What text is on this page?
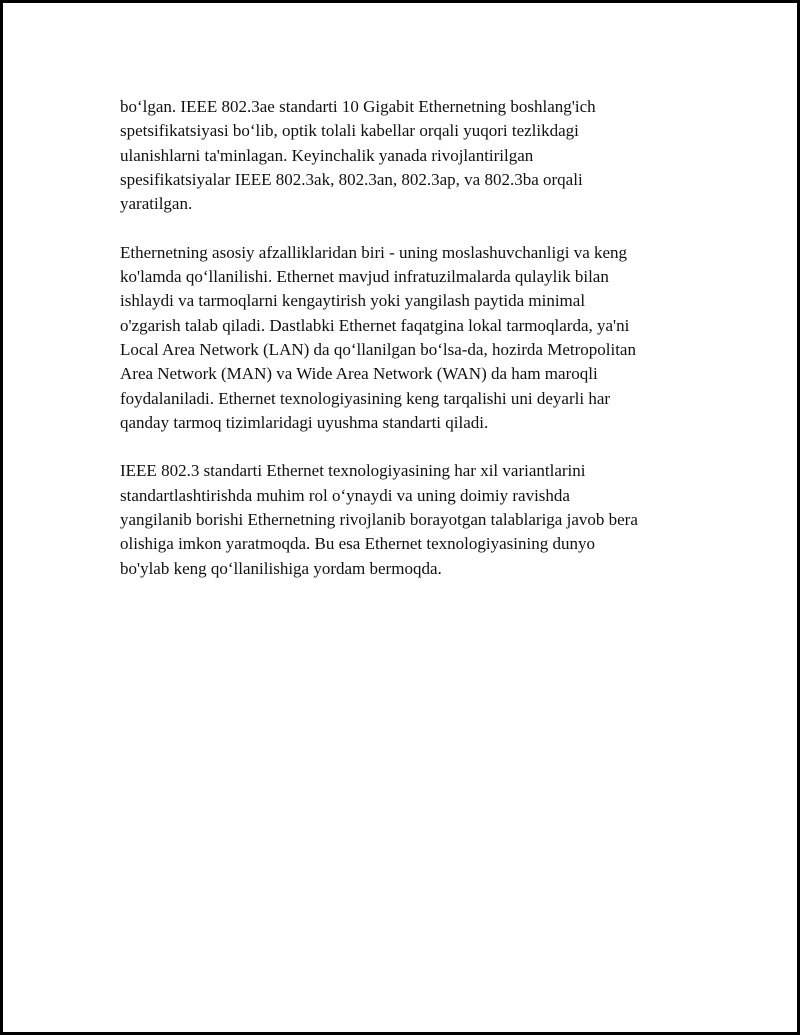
bo‘lgan. IEEE 802.3ae standarti 10 Gigabit Ethernetning boshlang'ich
spetsifikatsiyasi bo‘lib, optik tolali kabellar orqali yuqori tezlikdagi
ulanishlarni ta'minlagan. Keyinchalik yanada rivojlantirilgan
spesifikatsiyalar IEEE 802.3ak, 802.3an, 802.3ap, va 802.3ba orqali
yaratilgan.

Ethernetning asosiy afzalliklaridan biri - uning moslashuvchanligi va keng
ko'lamda qo‘llanilishi. Ethernet mavjud infratuzilmalarda qulaylik bilan
ishlaydi va tarmoqlarni kengaytirish yoki yangilash paytida minimal
o'zgarish talab qiladi. Dastlabki Ethernet faqatgina lokal tarmoqlarda, ya'ni
Local Area Network (LAN) da qo‘llanilgan bo‘lsa-da, hozirda Metropolitan
Area Network (MAN) va Wide Area Network (WAN) da ham maroqli
foydalaniladi. Ethernet texnologiyasining keng tarqalishi uni deyarli har
qanday tarmoq tizimlaridagi uyushma standarti qiladi.

IEEE 802.3 standarti Ethernet texnologiyasining har xil variantlarini
standartlashtirishda muhim rol o‘ynaydi va uning doimiy ravishda
yangilanib borishi Ethernetning rivojlanib borayotgan talablariga javob bera
olishiga imkon yaratmoqda. Bu esa Ethernet texnologiyasining dunyo
bo'ylab keng qo‘llanilishiga yordam bermoqda.
